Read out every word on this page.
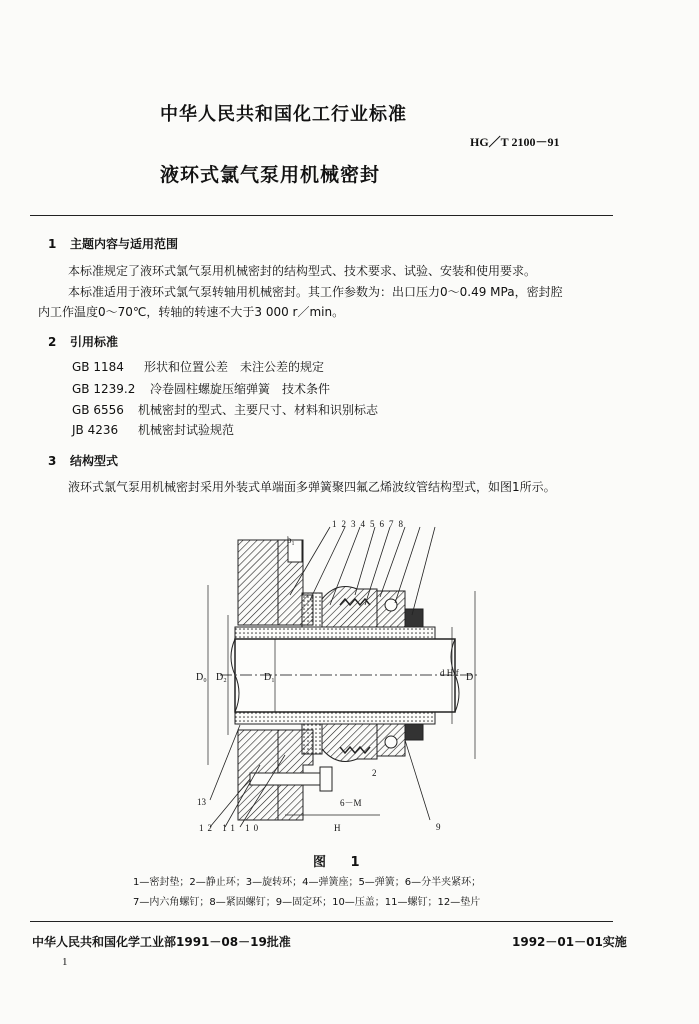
中华人民共和国化工行业标准
HG／T 2100－91
液环式氯气泵用机械密封
1 主题内容与适用范围
本标准规定了液环式氯气泵用机械密封的结构型式、技术要求、试验、安装和使用要求。
本标准适用于液环式氯气泵转轴用机械密封。其工作参数为：出口压力0～0.49 MPa，密封腔
内工作温度0～70℃，转轴的转速不大于3 000 r／min。
2 引用标准
GB 1184 形状和位置公差　未注公差的规定
GB 1239.2 冷卷圆柱螺旋压缩弹簧　技术条件
GB 6556 机械密封的型式、主要尺寸、材料和识别标志
JB 4236 机械密封试验规范
3 结构型式
液环式氯气泵用机械密封采用外装式单端面多弹簧聚四氟乙烯波纹管结构型式，如图1所示。
12345678
13
12 11 10	9
D₀ D₂	D₁	d H/f D
b₁
2
6－M
H
图 1
1—密封垫；2—静止环；3—旋转环；4—弹簧座；5—弹簧；6—分半夹紧环；
7—内六角螺钉；8—紧固螺钉；9—固定环；10—压盖；11—螺钉；12—垫片
中华人民共和国化学工业部1991－08－19批准	1992－01－01实施
1
